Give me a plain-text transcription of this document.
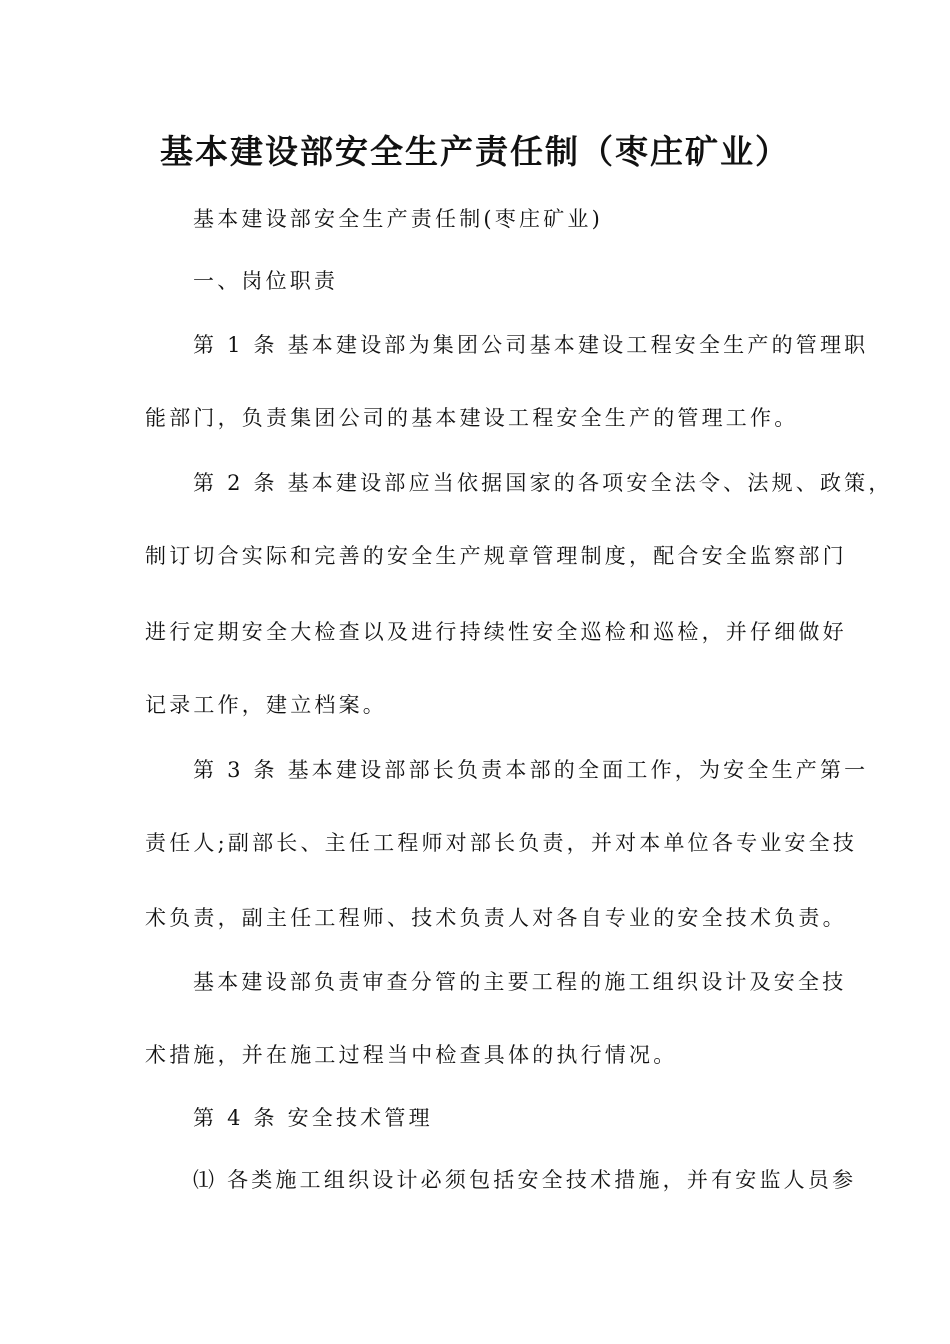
基本建设部安全生产责任制（枣庄矿业）
基本建设部安全生产责任制(枣庄矿业)
一、岗位职责
第 1 条 基本建设部为集团公司基本建设工程安全生产的管理职
能部门，负责集团公司的基本建设工程安全生产的管理工作。
第 2 条 基本建设部应当依据国家的各项安全法令、法规、政策，
制订切合实际和完善的安全生产规章管理制度，配合安全监察部门
进行定期安全大检查以及进行持续性安全巡检和巡检，并仔细做好
记录工作，建立档案。
第 3 条 基本建设部部长负责本部的全面工作，为安全生产第一
责任人;副部长、主任工程师对部长负责，并对本单位各专业安全技
术负责，副主任工程师、技术负责人对各自专业的安全技术负责。
基本建设部负责审查分管的主要工程的施工组织设计及安全技
术措施，并在施工过程当中检查具体的执行情况。
第 4 条 安全技术管理
⑴ 各类施工组织设计必须包括安全技术措施，并有安监人员参
